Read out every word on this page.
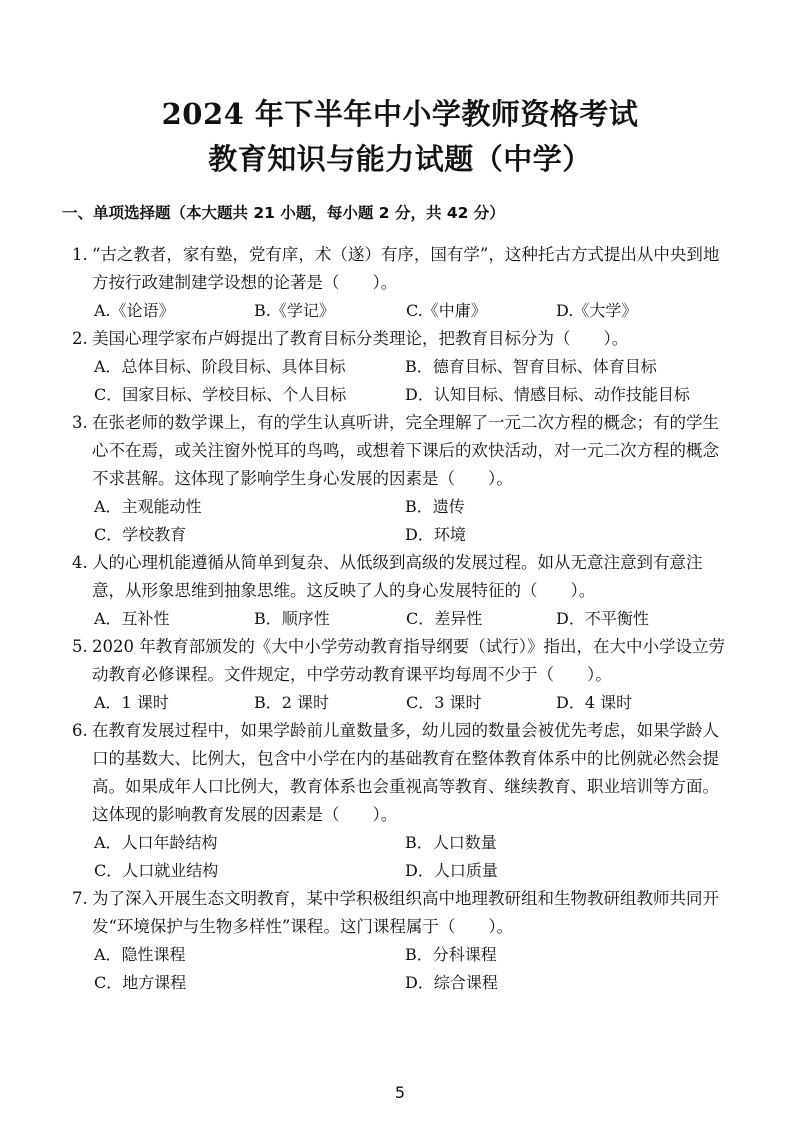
2024 年下半年中小学教师资格考试
教育知识与能力试题（中学）
一、单项选择题（本大题共 21 小题，每小题 2 分，共 42 分）
1. “古之教者，家有塾，党有庠，术（遂）有序，国有学”，这种托古方式提出从中央到地
方按行政建制建学设想的论著是（　　）。
A.《论语》	B.《学记》	C.《中庸》	D.《大学》
2. 美国心理学家布卢姆提出了教育目标分类理论，把教育目标分为（　　）。
A．总体目标、阶段目标、具体目标	B．德育目标、智育目标、体育目标
C．国家目标、学校目标、个人目标	D．认知目标、情感目标、动作技能目标
3. 在张老师的数学课上，有的学生认真听讲，完全理解了一元二次方程的概念；有的学生
心不在焉，或关注窗外悦耳的鸟鸣，或想着下课后的欢快活动，对一元二次方程的概念
不求甚解。这体现了影响学生身心发展的因素是（　　）。
A．主观能动性	B．遗传
C．学校教育	D．环境
4. 人的心理机能遵循从简单到复杂、从低级到高级的发展过程。如从无意注意到有意注
意，从形象思维到抽象思维。这反映了人的身心发展特征的（　　）。
A．互补性	B．顺序性	C．差异性	D．不平衡性
5. 2020 年教育部颁发的《大中小学劳动教育指导纲要（试行）》指出，在大中小学设立劳
动教育必修课程。文件规定，中学劳动教育课平均每周不少于（　　）。
A．1 课时	B．2 课时	C．3 课时	D．4 课时
6. 在教育发展过程中，如果学龄前儿童数量多，幼儿园的数量会被优先考虑，如果学龄人
口的基数大、比例大，包含中小学在内的基础教育在整体教育体系中的比例就必然会提
高。如果成年人口比例大，教育体系也会重视高等教育、继续教育、职业培训等方面。
这体现的影响教育发展的因素是（　　）。
A．人口年龄结构	B．人口数量
C．人口就业结构	D．人口质量
7. 为了深入开展生态文明教育，某中学积极组织高中地理教研组和生物教研组教师共同开
发“环境保护与生物多样性”课程。这门课程属于（　　）。
A．隐性课程	B．分科课程
C．地方课程	D．综合课程
5
